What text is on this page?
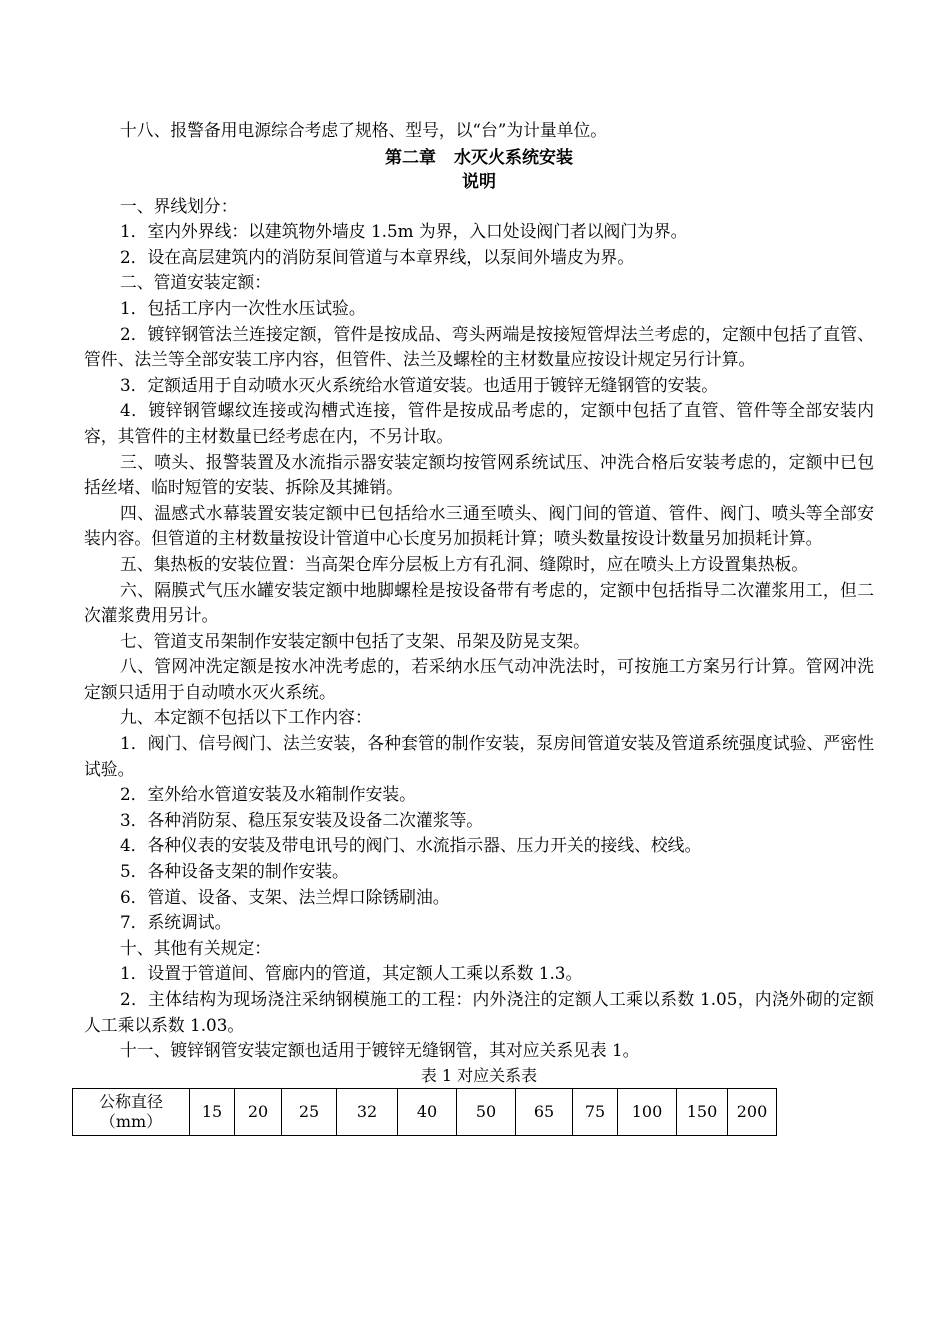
十八、报警备用电源综合考虑了规格、型号，以“台”为计量单位。

第二章 水灭火系统安装

说明

一、界线划分：

1．室内外界线：以建筑物外墙皮 1.5m 为界，入口处设阀门者以阀门为界。

2．设在高层建筑内的消防泵间管道与本章界线，以泵间外墙皮为界。

二、管道安装定额：

1．包括工序内一次性水压试验。

2．镀锌钢管法兰连接定额，管件是按成品、弯头两端是按接短管焊法兰考虑的，定额中包括了直管、管件、法兰等全部安装工序内容，但管件、法兰及螺栓的主材数量应按设计规定另行计算。

3．定额适用于自动喷水灭火系统给水管道安装。也适用于镀锌无缝钢管的安装。

4．镀锌钢管螺纹连接或沟槽式连接，管件是按成品考虑的，定额中包括了直管、管件等全部安装内容，其管件的主材数量已经考虑在内，不另计取。

三、喷头、报警装置及水流指示器安装定额均按管网系统试压、冲洗合格后安装考虑的，定额中已包括丝堵、临时短管的安装、拆除及其摊销。

四、温感式水幕装置安装定额中已包括给水三通至喷头、阀门间的管道、管件、阀门、喷头等全部安装内容。但管道的主材数量按设计管道中心长度另加损耗计算；喷头数量按设计数量另加损耗计算。

五、集热板的安装位置：当高架仓库分层板上方有孔洞、缝隙时，应在喷头上方设置集热板。

六、隔膜式气压水罐安装定额中地脚螺栓是按设备带有考虑的，定额中包括指导二次灌浆用工，但二次灌浆费用另计。

七、管道支吊架制作安装定额中包括了支架、吊架及防晃支架。

八、管网冲洗定额是按水冲洗考虑的，若采纳水压气动冲洗法时，可按施工方案另行计算。管网冲洗定额只适用于自动喷水灭火系统。

九、本定额不包括以下工作内容：

1．阀门、信号阀门、法兰安装，各种套管的制作安装，泵房间管道安装及管道系统强度试验、严密性试验。

2．室外给水管道安装及水箱制作安装。

3．各种消防泵、稳压泵安装及设备二次灌浆等。

4．各种仪表的安装及带电讯号的阀门、水流指示器、压力开关的接线、校线。

5．各种设备支架的制作安装。

6．管道、设备、支架、法兰焊口除锈刷油。

7．系统调试。

十、其他有关规定：

1．设置于管道间、管廊内的管道，其定额人工乘以系数 1.3。

2．主体结构为现场浇注采纳钢模施工的工程：内外浇注的定额人工乘以系数 1.05，内浇外砌的定额人工乘以系数 1.03。

十一、镀锌钢管安装定额也适用于镀锌无缝钢管，其对应关系见表 1。

表 1 对应关系表
公称直径
（mm）
	15	20	25	32	40	50	65	75	100	150	200
